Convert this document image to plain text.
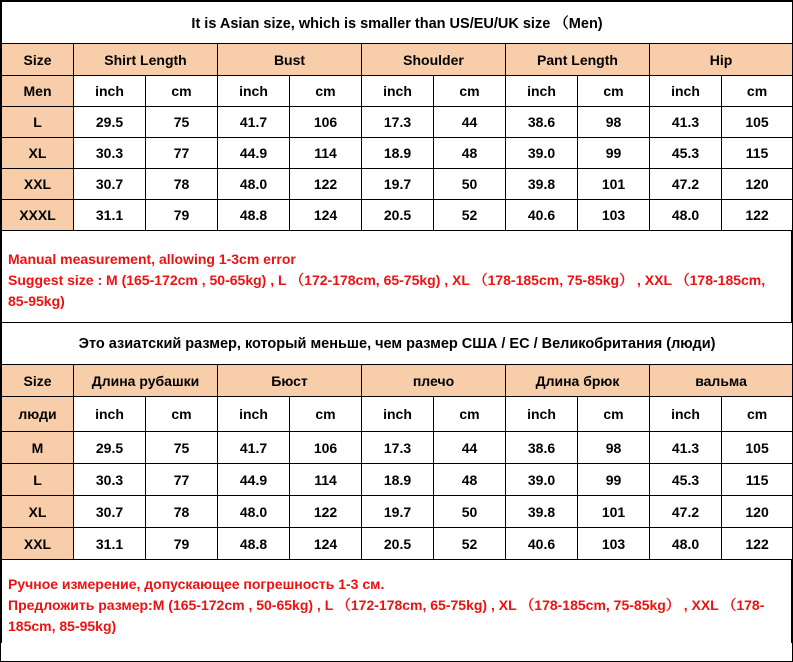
It is Asian size, which is smaller than US/EU/UK size （Men)										
Size	Shirt Length		Bust		Shoulder		Pant Length		Hip	
Men	inch	cm	inch	cm	inch	cm	inch	cm	inch	cm
L	29.5	75	41.7	106	17.3	44	38.6	98	41.3	105
XL	30.3	77	44.9	114	18.9	48	39.0	99	45.3	115
XXL	30.7	78	48.0	122	19.7	50	39.8	101	47.2	120
XXXL	31.1	79	48.8	124	20.5	52	40.6	103	48.0	122
Manual measurement, allowing 1-3cm error
Suggest size : M (165-172cm , 50-65kg) , L （172-178cm, 65-75kg) , XL （178-185cm, 75-85kg） , XXL （178-185cm, 85-95kg)
Это азиатский размер, который меньше, чем размер США / ЕС / Великобритания (люди)										
Size	Длина рубашки		Бюст		плечо		Длина брюк		вальма	
люди	inch	cm	inch	cm	inch	cm	inch	cm	inch	cm
M	29.5	75	41.7	106	17.3	44	38.6	98	41.3	105
L	30.3	77	44.9	114	18.9	48	39.0	99	45.3	115
XL	30.7	78	48.0	122	19.7	50	39.8	101	47.2	120
XXL	31.1	79	48.8	124	20.5	52	40.6	103	48.0	122
Ручное измерение, допускающее погрешность 1-3 см.
Предложить размер:M (165-172cm , 50-65kg) , L （172-178cm, 65-75kg) , XL （178-185cm, 75-85kg） , XXL （178-185cm, 85-95kg)
